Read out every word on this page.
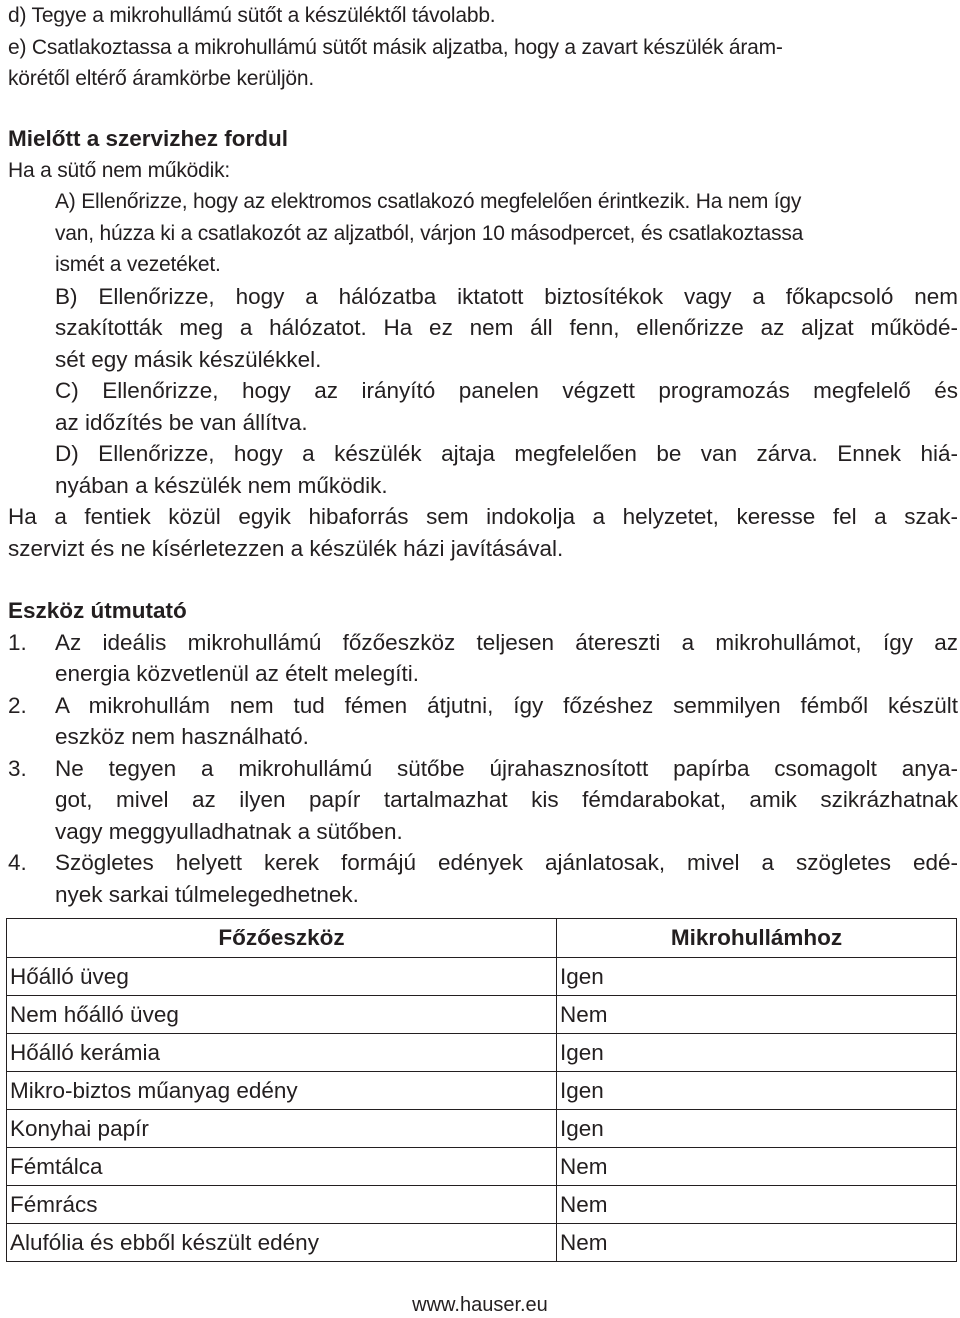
d) Tegye a mikrohullámú sütőt a készüléktől távolabb.
e) Csatlakoztassa a mikrohullámú sütőt másik aljzatba, hogy a zavart készülék áram-
körétől eltérő áramkörbe kerüljön.
Mielőtt a szervizhez fordul
Ha a sütő nem működik:
A) Ellenőrizze, hogy az elektromos csatlakozó megfelelően érintkezik. Ha nem így
van, húzza ki a csatlakozót az aljzatból, várjon 10 másodpercet, és csatlakoztassa
ismét a vezetéket.
B) Ellenőrizze, hogy a hálózatba iktatott biztosítékok vagy a főkapcsoló nem
szakították meg a hálózatot. Ha ez nem áll fenn, ellenőrizze az aljzat működé-
sét egy másik készülékkel.
C) Ellenőrizze, hogy az irányító panelen végzett programozás megfelelő és
az időzítés be van állítva.
D) Ellenőrizze, hogy a készülék ajtaja megfelelően be van zárva. Ennek hiá-
nyában a készülék nem működik.
Ha a fentiek közül egyik hibaforrás sem indokolja a helyzetet, keresse fel a szak-
szervizt és ne kísérletezzen a készülék házi javításával.
Eszköz útmutató
1. Az ideális mikrohullámú főzőeszköz teljesen átereszti a mikrohullámot, így az
energia közvetlenül az ételt melegíti.
2. A mikrohullám nem tud fémen átjutni, így főzéshez semmilyen fémből készült
eszköz nem használható.
3. Ne tegyen a mikrohullámú sütőbe újrahasznosított papírba csomagolt anya-
got, mivel az ilyen papír tartalmazhat kis fémdarabokat, amik szikrázhatnak
vagy meggyulladhatnak a sütőben.
4. Szögletes helyett kerek formájú edények ajánlatosak, mivel a szögletes edé-
nyek sarkai túlmelegedhetnek.
Főzőeszköz	Mikrohullámhoz
Hőálló üveg	Igen
Nem hőálló üveg	Nem
Hőálló kerámia	Igen
Mikro-biztos műanyag edény	Igen
Konyhai papír	Igen
Fémtálca	Nem
Fémrács	Nem
Alufólia és ebből készült edény	Nem
www.hauser.eu
